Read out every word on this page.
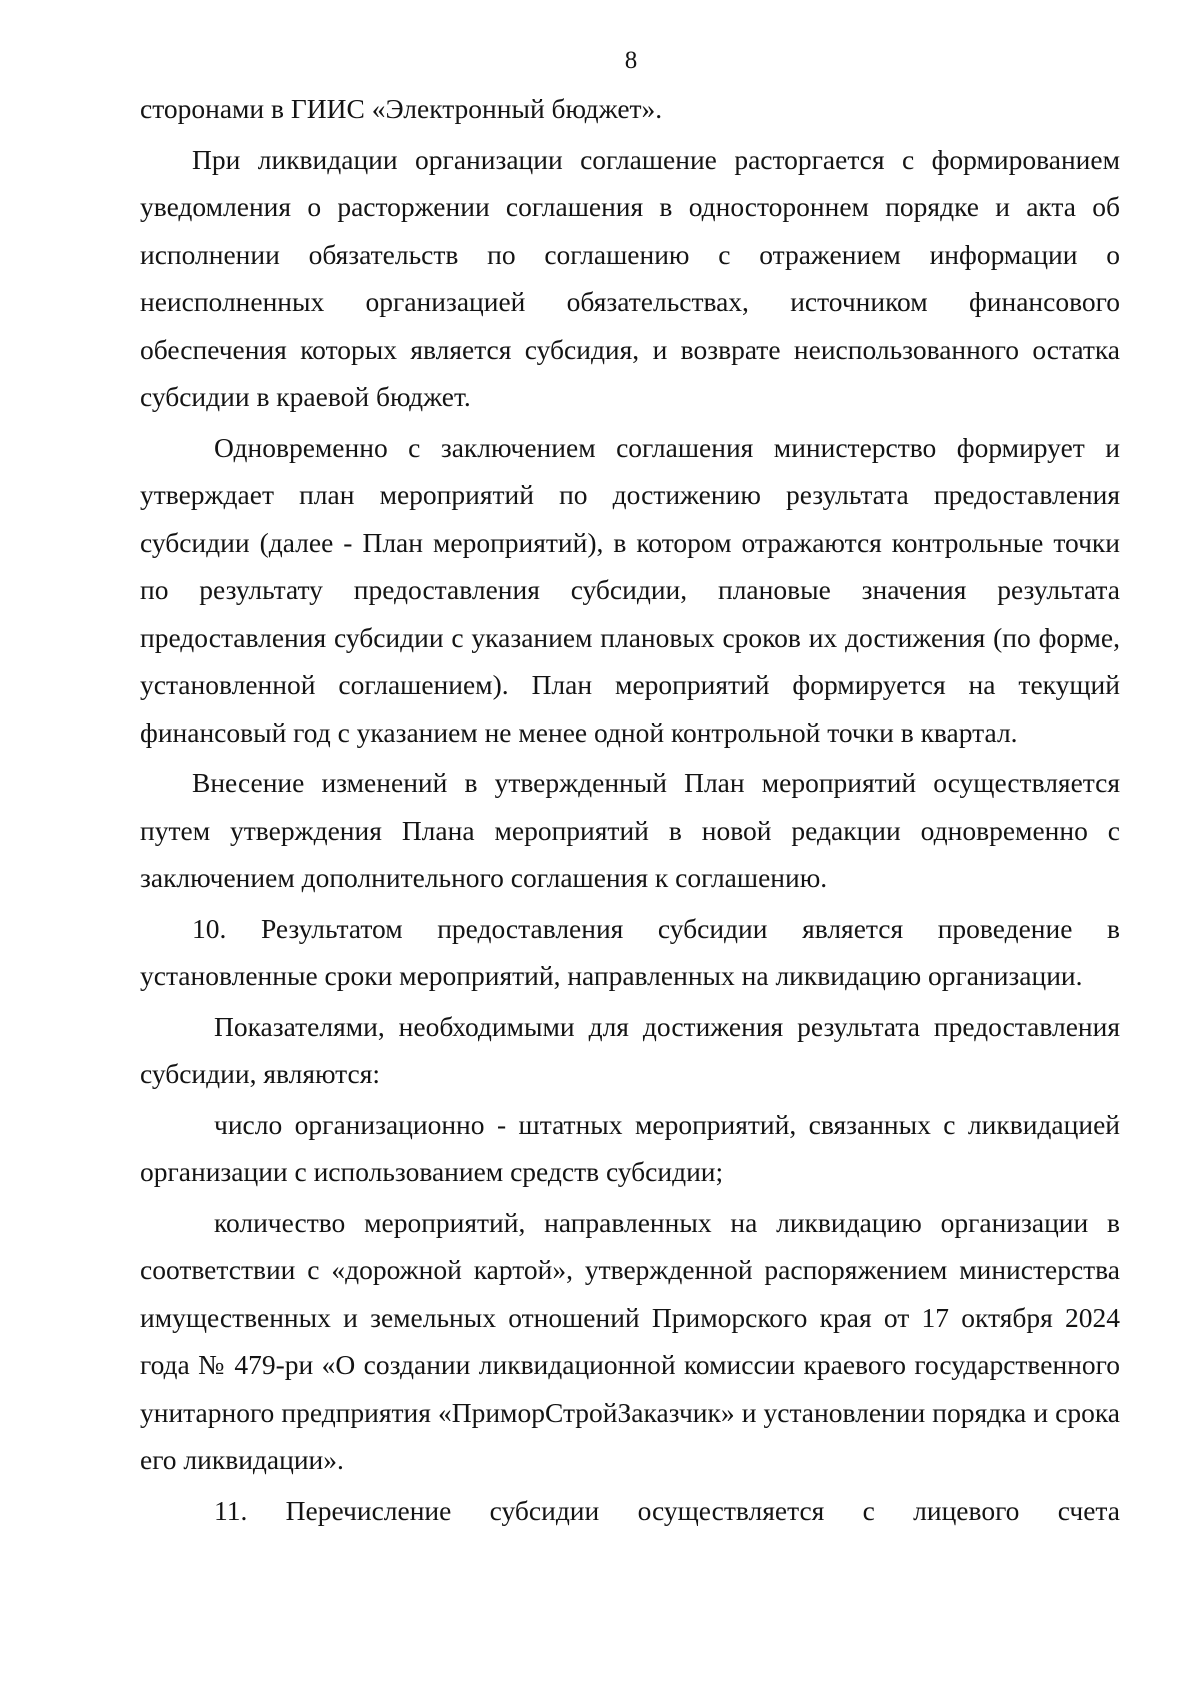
8

сторонами в ГИИС «Электронный бюджет».

При ликвидации организации соглашение расторгается с формированием уведомления о расторжении соглашения в одностороннем порядке и акта об исполнении обязательств по соглашению с отражением информации о неисполненных организацией обязательствах, источником финансового обеспечения которых является субсидия, и возврате неиспользованного остатка субсидии в краевой бюджет.

Одновременно с заключением соглашения министерство формирует и утверждает план мероприятий по достижению результата предоставления субсидии (далее - План мероприятий), в котором отражаются контрольные точки по результату предоставления субсидии, плановые значения результата предоставления субсидии с указанием плановых сроков их достижения (по форме, установленной соглашением). План мероприятий формируется на текущий финансовый год с указанием не менее одной контрольной точки в квартал.

Внесение изменений в утвержденный План мероприятий осуществляется путем утверждения Плана мероприятий в новой редакции одновременно с заключением дополнительного соглашения к соглашению.

10. Результатом предоставления субсидии является проведение в установленные сроки мероприятий, направленных на ликвидацию организации.

Показателями, необходимыми для достижения результата предоставления субсидии, являются:

число организационно - штатных мероприятий, связанных с ликвидацией организации с использованием средств субсидии;

количество мероприятий, направленных на ликвидацию организации в соответствии с «дорожной картой», утвержденной распоряжением министерства имущественных и земельных отношений Приморского края от 17 октября 2024 года № 479-ри «О создании ликвидационной комиссии краевого государственного унитарного предприятия «ПриморСтройЗаказчик» и установлении порядка и срока его ликвидации».

11. Перечисление субсидии осуществляется с лицевого счета
